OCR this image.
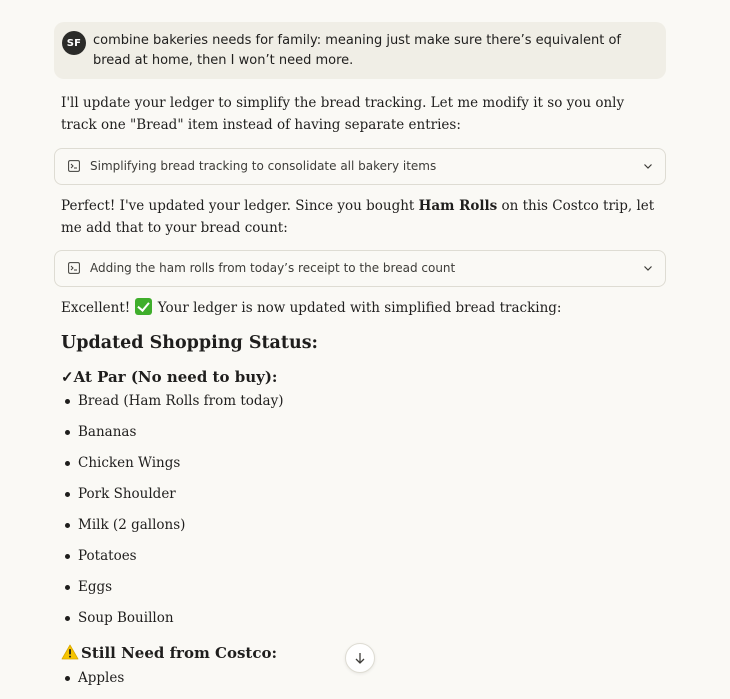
SF combine bakeries needs for family: meaning just make sure there’s equivalent of bread at home, then I won’t need more.
I'll update your ledger to simplify the bread tracking. Let me modify it so you only track one "Bread" item instead of having separate entries:
Simplifying bread tracking to consolidate all bakery items
Perfect! I've updated your ledger. Since you bought Ham Rolls on this Costco trip, let me add that to your bread count:
Adding the ham rolls from today’s receipt to the bread count
Excellent!  Your ledger is now updated with simplified bread tracking:
Updated Shopping Status:
✓At Par (No need to buy):
Bread (Ham Rolls from today)
Bananas
Chicken Wings
Pork Shoulder
Milk (2 gallons)
Potatoes
Eggs
Soup Bouillon
Still Need from Costco:
Apples
